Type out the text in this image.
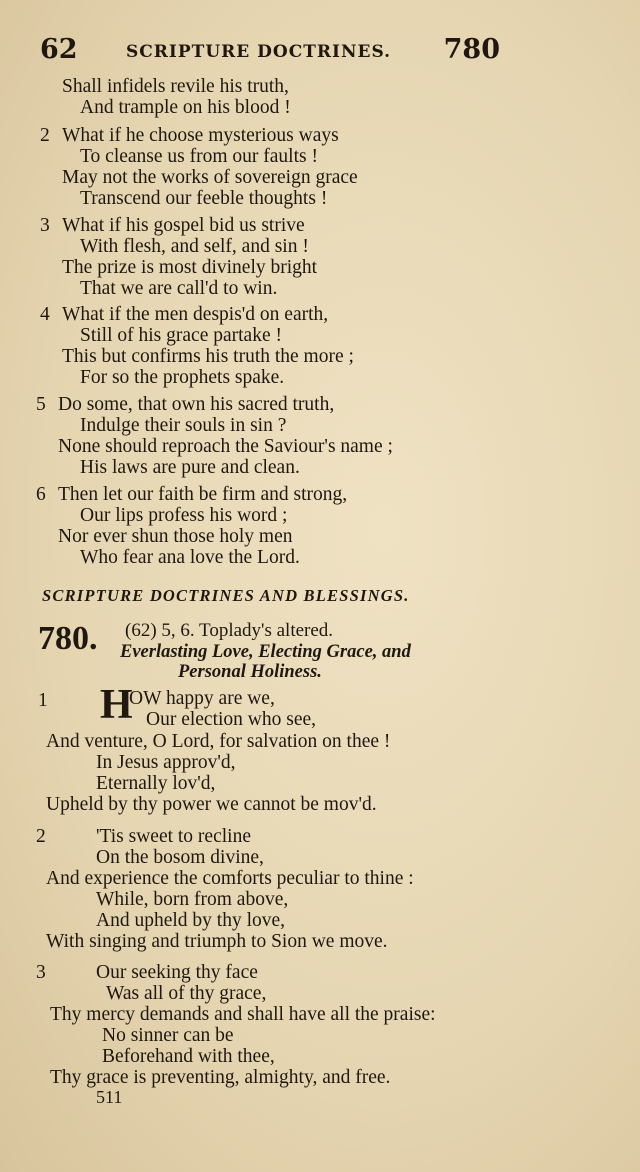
62	SCRIPTURE DOCTRINES. 780
Shall infidels revile his truth,
And trample on his blood !
2 What if he choose mysterious ways
To cleanse us from our faults !
May not the works of sovereign grace
Transcend our feeble thoughts !
3 What if his gospel bid us strive
With flesh, and self, and sin !
The prize is most divinely bright
That we are call'd to win.
4 What if the men despis'd on earth,
Still of his grace partake !
This but confirms his truth the more ;
For so the prophets spake.
5 Do some, that own his sacred truth,
Indulge their souls in sin ?
None should reproach the Saviour's name ;
His laws are pure and clean.
6 Then let our faith be firm and strong,
Our lips profess his word ;
Nor ever shun those holy men
Who fear ana love the Lord.
SCRIPTURE DOCTRINES AND BLESSINGS.
780. (62) 5, 6. Toplady's altered.
Everlasting Love, Electing Grace, and
Personal Holiness.
1 H
OW happy are we,
Our election who see,
And venture, O Lord, for salvation on thee !
In Jesus approv'd,
Eternally lov'd,
Upheld by thy power we cannot be mov'd.
2	'Tis sweet to recline
On the bosom divine,
And experience the comforts peculiar to thine :
While, born from above,
And upheld by thy love,
With singing and triumph to Sion we move.
3	Our seeking thy face
Was all of thy grace,
Thy mercy demands and shall have all the praise:
No sinner can be
Beforehand with thee,
Thy grace is preventing, almighty, and free.
511
